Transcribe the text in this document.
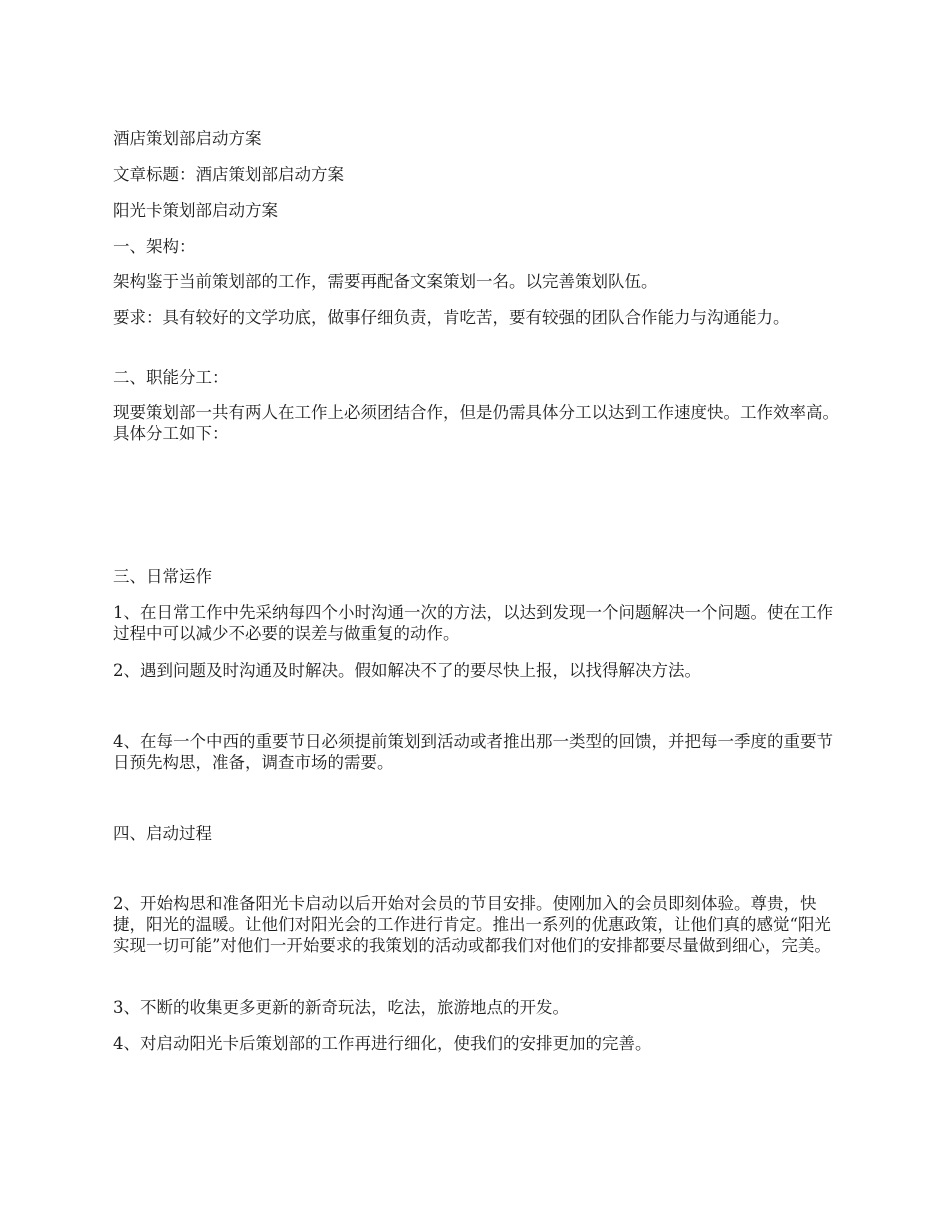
酒店策划部启动方案

文章标题：酒店策划部启动方案

阳光卡策划部启动方案

一、架构：

架构鉴于当前策划部的工作，需要再配备文案策划一名。以完善策划队伍。

要求：具有较好的文学功底，做事仔细负责，肯吃苦，要有较强的团队合作能力与沟通能力。

二、职能分工：

现要策划部一共有两人在工作上必须团结合作，但是仍需具体分工以达到工作速度快。工作效率高。具体分工如下：

三、日常运作

1、在日常工作中先采纳每四个小时沟通一次的方法，以达到发现一个问题解决一个问题。使在工作过程中可以减少不必要的误差与做重复的动作。

2、遇到问题及时沟通及时解决。假如解决不了的要尽快上报，以找得解决方法。

4、在每一个中西的重要节日必须提前策划到活动或者推出那一类型的回馈，并把每一季度的重要节日预先构思，准备，调查市场的需要。

四、启动过程

2、开始构思和准备阳光卡启动以后开始对会员的节目安排。使刚加入的会员即刻体验。尊贵，快捷，阳光的温暖。让他们对阳光会的工作进行肯定。推出一系列的优惠政策，让他们真的感觉“阳光实现一切可能”对他们一开始要求的我策划的活动或都我们对他们的安排都要尽量做到细心，完美。

3、不断的收集更多更新的新奇玩法，吃法，旅游地点的开发。

4、对启动阳光卡后策划部的工作再进行细化，使我们的安排更加的完善。
